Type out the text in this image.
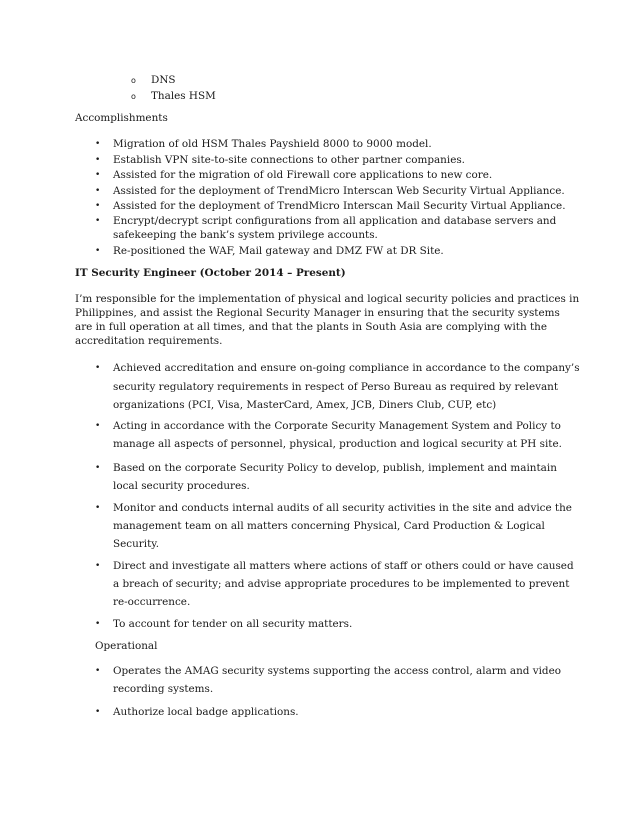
o DNS
o Thales HSM
Accomplishments
• Migration of old HSM Thales Payshield 8000 to 9000 model.
• Establish VPN site-to-site connections to other partner companies.
• Assisted for the migration of old Firewall core applications to new core.
• Assisted for the deployment of TrendMicro Interscan Web Security Virtual Appliance.
• Assisted for the deployment of TrendMicro Interscan Mail Security Virtual Appliance.
• Encrypt/decrypt script configurations from all application and database servers and
safekeeping the bank’s system privilege accounts.
• Re-positioned the WAF, Mail gateway and DMZ FW at DR Site.
IT Security Engineer (October 2014 – Present)
I’m responsible for the implementation of physical and logical security policies and practices in
Philippines, and assist the Regional Security Manager in ensuring that the security systems
are in full operation at all times, and that the plants in South Asia are complying with the
accreditation requirements.
• Achieved accreditation and ensure on-going compliance in accordance to the company’s
security regulatory requirements in respect of Perso Bureau as required by relevant
organizations (PCI, Visa, MasterCard, Amex, JCB, Diners Club, CUP, etc)
• Acting in accordance with the Corporate Security Management System and Policy to
manage all aspects of personnel, physical, production and logical security at PH site.
• Based on the corporate Security Policy to develop, publish, implement and maintain
local security procedures.
• Monitor and conducts internal audits of all security activities in the site and advice the
management team on all matters concerning Physical, Card Production & Logical
Security.
• Direct and investigate all matters where actions of staff or others could or have caused
a breach of security; and advise appropriate procedures to be implemented to prevent
re-occurrence.
• To account for tender on all security matters.
Operational
• Operates the AMAG security systems supporting the access control, alarm and video
recording systems.
• Authorize local badge applications.
